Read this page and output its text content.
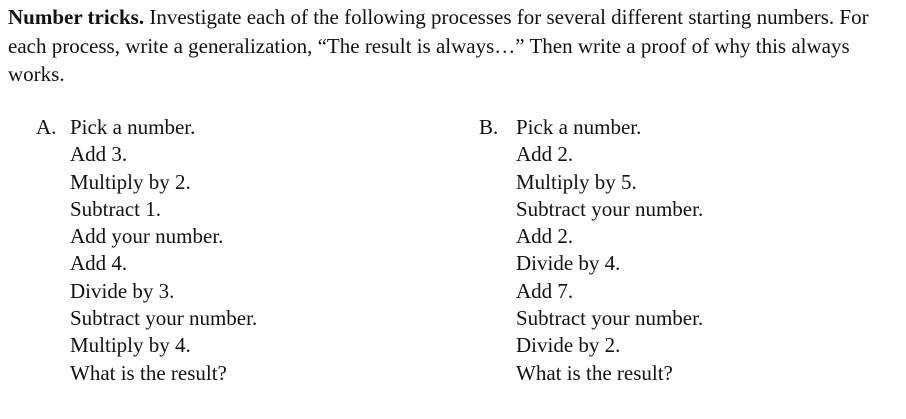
Number tricks. Investigate each of the following processes for several different starting numbers. For each process, write a generalization, “The result is always…” Then write a proof of why this always works.

A. Pick a number.
Add 3.
Multiply by 2.
Subtract 1.
Add your number.
Add 4.
Divide by 3.
Subtract your number.
Multiply by 4.
What is the result?
B. Pick a number.
Add 2.
Multiply by 5.
Subtract your number.
Add 2.
Divide by 4.
Add 7.
Subtract your number.
Divide by 2.
What is the result?
